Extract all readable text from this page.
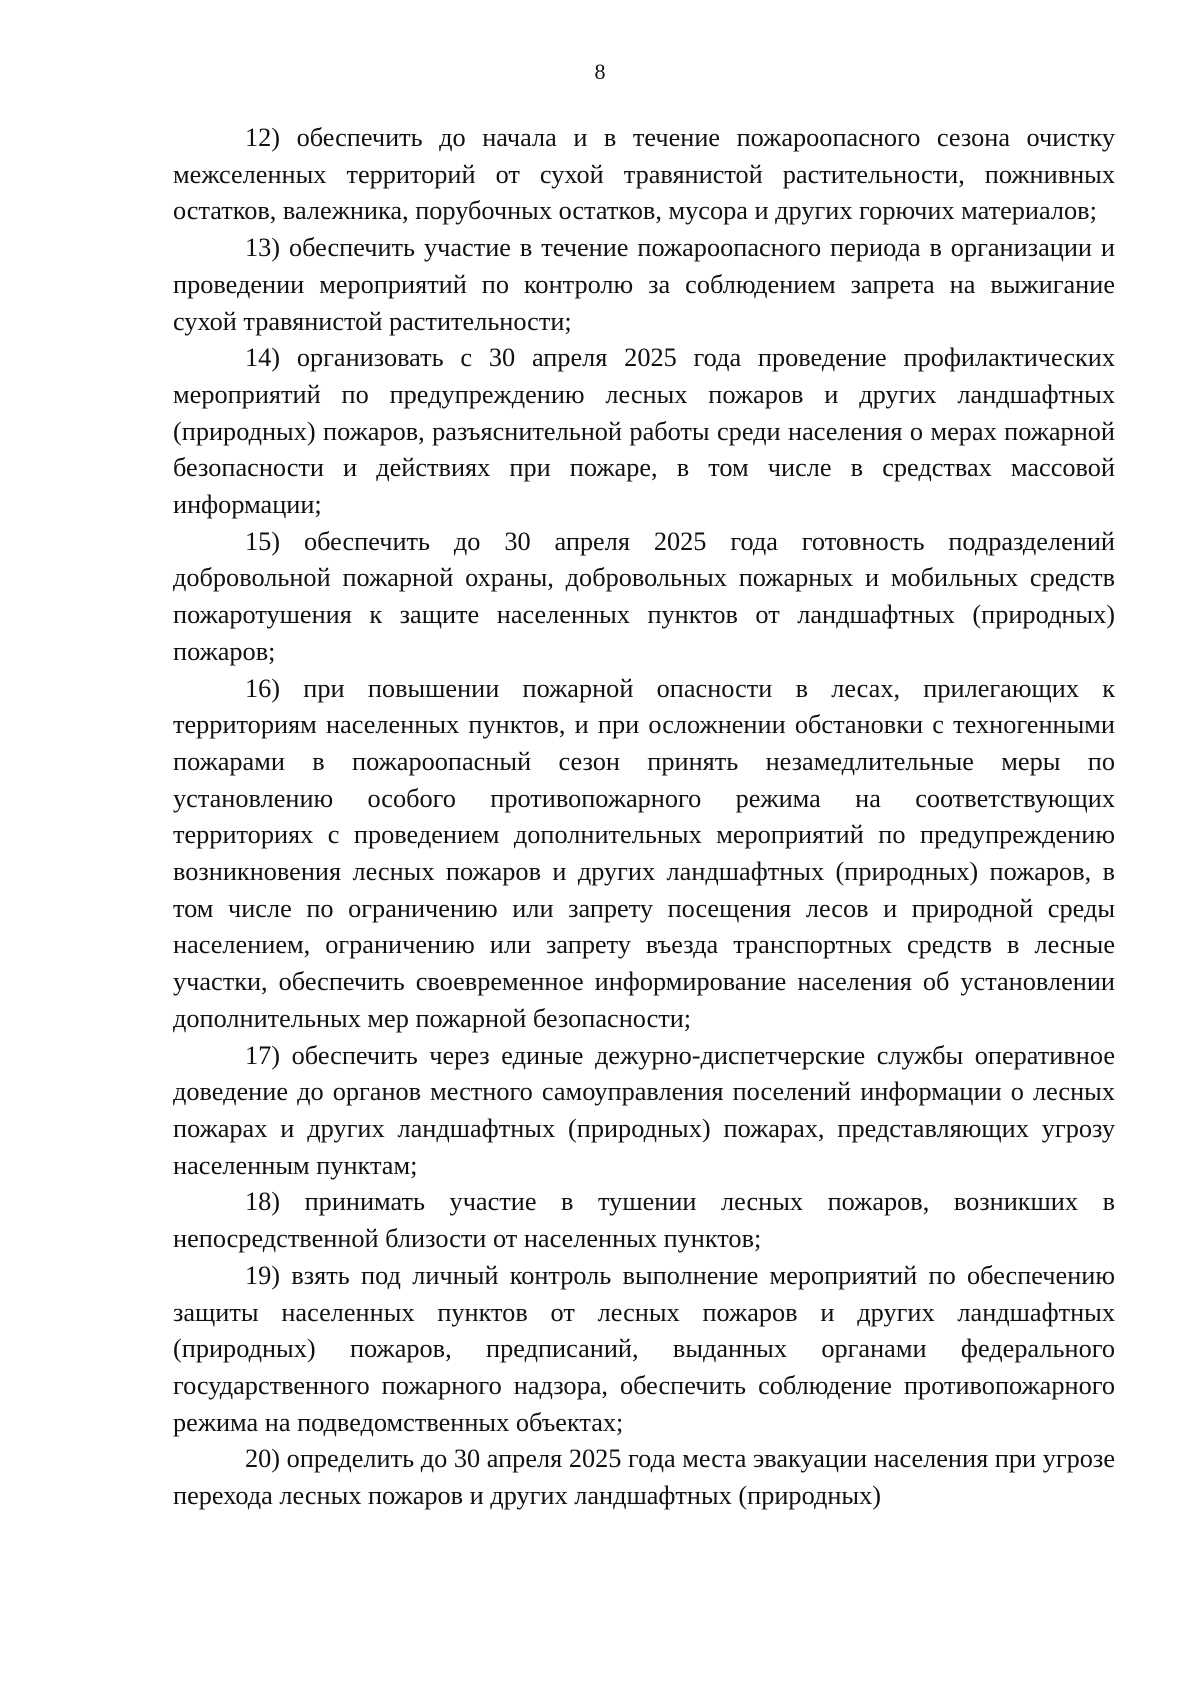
8

12) обеспечить до начала и в течение пожароопасного сезона очистку межселенных территорий от сухой травянистой растительности, пожнивных остатков, валежника, порубочных остатков, мусора и других горючих материалов;

13) обеспечить участие в течение пожароопасного периода в организации и проведении мероприятий по контролю за соблюдением запрета на выжигание сухой травянистой растительности;

14) организовать с 30 апреля 2025 года проведение профилактических мероприятий по предупреждению лесных пожаров и других ландшафтных (природных) пожаров, разъяснительной работы среди населения о мерах пожарной безопасности и действиях при пожаре, в том числе в средствах массовой информации;

15) обеспечить до 30 апреля 2025 года готовность подразделений добровольной пожарной охраны, добровольных пожарных и мобильных средств пожаротушения к защите населенных пунктов от ландшафтных (природных) пожаров;

16) при повышении пожарной опасности в лесах, прилегающих к территориям населенных пунктов, и при осложнении обстановки с техногенными пожарами в пожароопасный сезон принять незамедлительные меры по установлению особого противопожарного режима на соответствующих территориях с проведением дополнительных мероприятий по предупреждению возникновения лесных пожаров и других ландшафтных (природных) пожаров, в том числе по ограничению или запрету посещения лесов и природной среды населением, ограничению или запрету въезда транспортных средств в лесные участки, обеспечить своевременное информирование населения об установлении дополнительных мер пожарной безопасности;

17) обеспечить через единые дежурно-диспетчерские службы оперативное доведение до органов местного самоуправления поселений информации о лесных пожарах и других ландшафтных (природных) пожарах, представляющих угрозу населенным пунктам;

18) принимать участие в тушении лесных пожаров, возникших в непосредственной близости от населенных пунктов;

19) взять под личный контроль выполнение мероприятий по обеспечению защиты населенных пунктов от лесных пожаров и других ландшафтных (природных) пожаров, предписаний, выданных органами федерального государственного пожарного надзора, обеспечить соблюдение противопожарного режима на подведомственных объектах;

20) определить до 30 апреля 2025 года места эвакуации населения при угрозе перехода лесных пожаров и других ландшафтных (природных)
